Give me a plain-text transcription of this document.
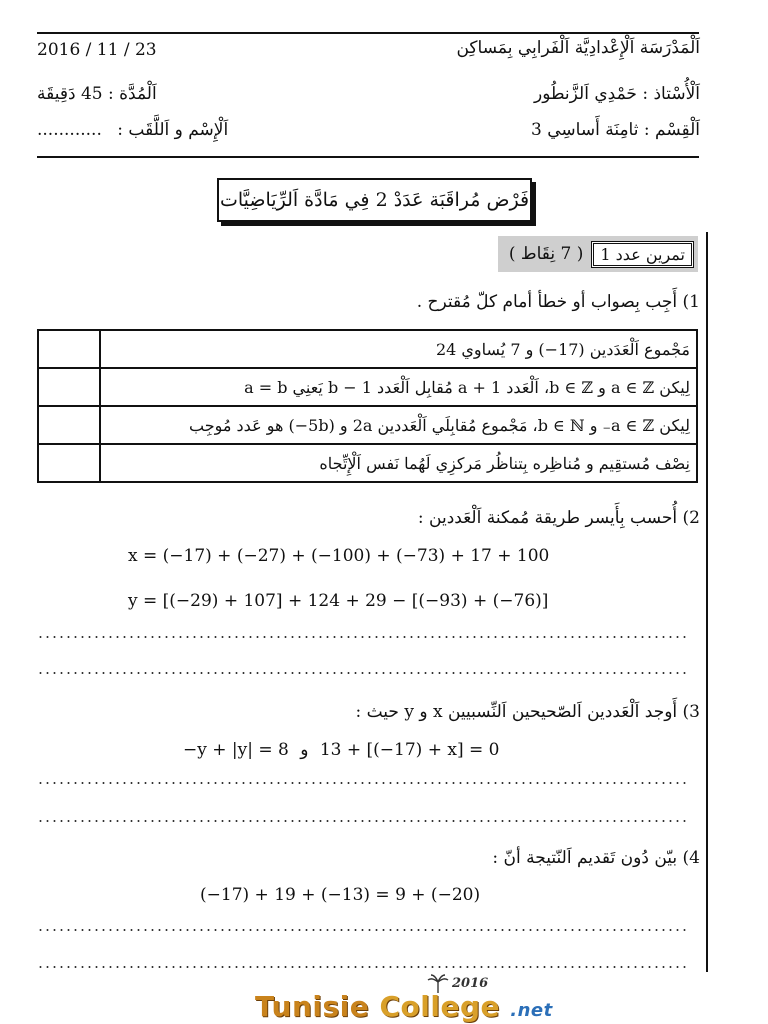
2016 / 11 / 23	اَلْمَدْرَسَة اَلْإِعْدادِيَّة اَلْفَرابِي بِمَساكِن
اَلْمُدَّة : 45 دَقِيقَة	اَلْأُسْتاذ : حَمْدِي اَلزَّنطُور
............ اَلْإِسْم و اَللَّقَب :	اَلْقِسْم : ثامِنَة أَساسِي 3
فَرْض مُراقَبَة عَدَدْ 2 فِي مَادَّة اَلرِّيَاضِيَّات
( 7 نِقَاط )	تمرين عدد 1
1) أَجِب بِصواب أو خطأ أمام كلّ مُقترح .
	مَجْموع اَلْعَدَدين (17−) و 7 يُساوي 24
	لِيكن a ∈ ℤ و b ∈ ℤ، اَلْعَدد a + 1 مُقابِل اَلْعَدد b − 1 يَعنِي a = b
	لِيكن a ∈ ℤ₋ و b ∈ ℕ، مَجْموع مُقابِلَي اَلْعَددين 2a و (5b−) هو عَدد مُوجِب
	نِصْف مُستقِيم و مُناظِره بِتناظُر مَركزِي لَهُما نَفس اَلْإِتِّجاه
2) أُحسب بِأَيسر طريقة مُمكنة اَلْعَددين :
x = (−17) + (−27) + (−100) + (−73) + 17 + 100
y = [(−29) + 107] + 124 + 29 − [(−93) + (−76)]
3) أَوجد اَلْعَددين اَلصّحيحين اَلنِّسبيين x و y حيث :
−y + |y| = 8 و 13 + [(−17) + x] = 0
4) بيّن دُون تَقديم اَلنّتيجة أنّ :
(−17) + 19 + (−13) = 9 + (−20)
2016
Tunisie College .net
